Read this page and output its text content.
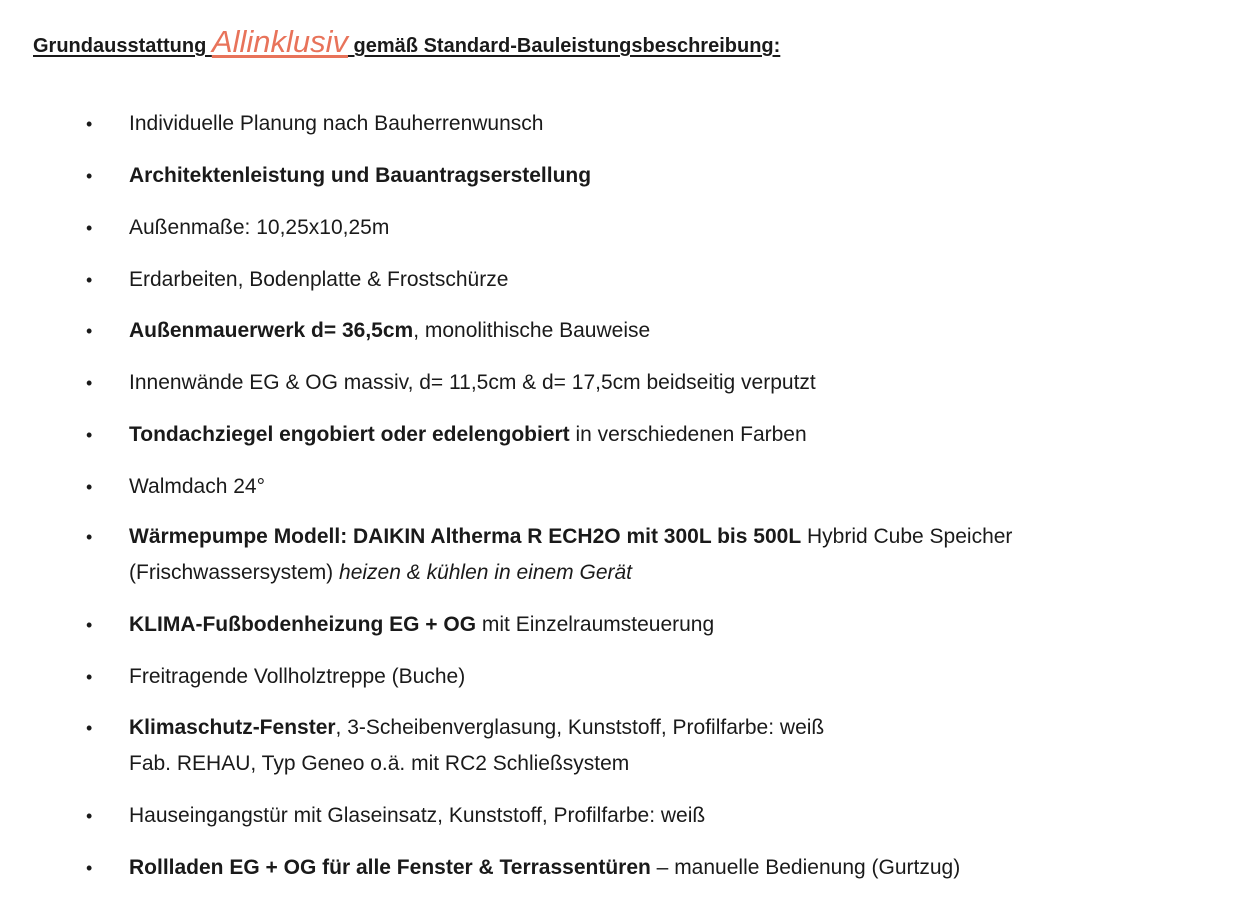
Grundausstattung Allinklusiv gemäß Standard-Bauleistungsbeschreibung:
• Individuelle Planung nach Bauherrenwunsch
• Architektenleistung und Bauantragserstellung
• Außenmaße: 10,25x10,25m
• Erdarbeiten, Bodenplatte & Frostschürze
• Außenmauerwerk d= 36,5cm, monolithische Bauweise
• Innenwände EG & OG massiv, d= 11,5cm & d= 17,5cm beidseitig verputzt
• Tondachziegel engobiert oder edelengobiert in verschiedenen Farben
• Walmdach 24°
• Wärmepumpe Modell: DAIKIN Altherma R ECH2O mit 300L bis 500L Hybrid Cube Speicher
(Frischwassersystem) heizen & kühlen in einem Gerät
• KLIMA-Fußbodenheizung EG + OG mit Einzelraumsteuerung
• Freitragende Vollholztreppe (Buche)
• Klimaschutz-Fenster, 3-Scheibenverglasung, Kunststoff, Profilfarbe: weiß
Fab. REHAU, Typ Geneo o.ä. mit RC2 Schließsystem
• Hauseingangstür mit Glaseinsatz, Kunststoff, Profilfarbe: weiß
• Rollladen EG + OG für alle Fenster & Terrassentüren – manuelle Bedienung (Gurtzug)
